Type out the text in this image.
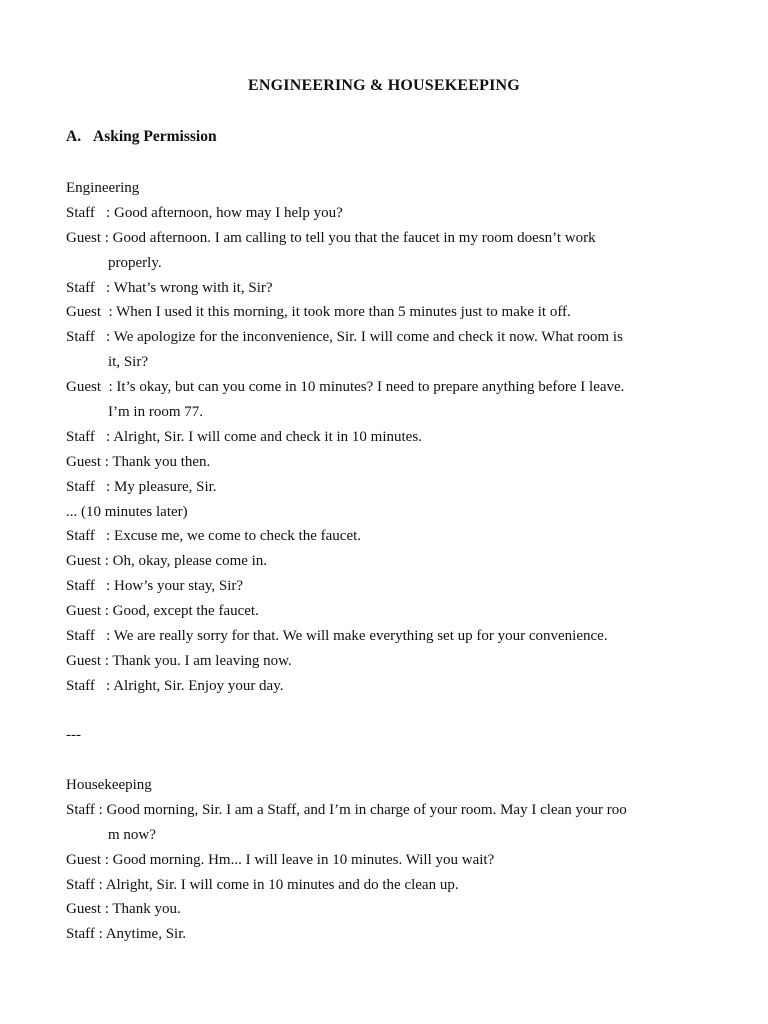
ENGINEERING & HOUSEKEEPING
A. Asking Permission
Engineering
Staff   : Good afternoon, how may I help you?
Guest : Good afternoon. I am calling to tell you that the faucet in my room doesn’t work
properly.
Staff   : What’s wrong with it, Sir?
Guest  : When I used it this morning, it took more than 5 minutes just to make it off.
Staff   : We apologize for the inconvenience, Sir. I will come and check it now. What room is
it, Sir?
Guest  : It’s okay, but can you come in 10 minutes? I need to prepare anything before I leave.
I’m in room 77.
Staff   : Alright, Sir. I will come and check it in 10 minutes.
Guest : Thank you then.
Staff   : My pleasure, Sir.
... (10 minutes later)
Staff   : Excuse me, we come to check the faucet.
Guest : Oh, okay, please come in.
Staff   : How’s your stay, Sir?
Guest : Good, except the faucet.
Staff   : We are really sorry for that. We will make everything set up for your convenience.
Guest : Thank you. I am leaving now.
Staff   : Alright, Sir. Enjoy your day.
---
Housekeeping
Staff : Good morning, Sir. I am a Staff, and I’m in charge of your room. May I clean your roo
m now?
Guest : Good morning. Hm... I will leave in 10 minutes. Will you wait?
Staff : Alright, Sir. I will come in 10 minutes and do the clean up.
Guest : Thank you.
Staff : Anytime, Sir.
